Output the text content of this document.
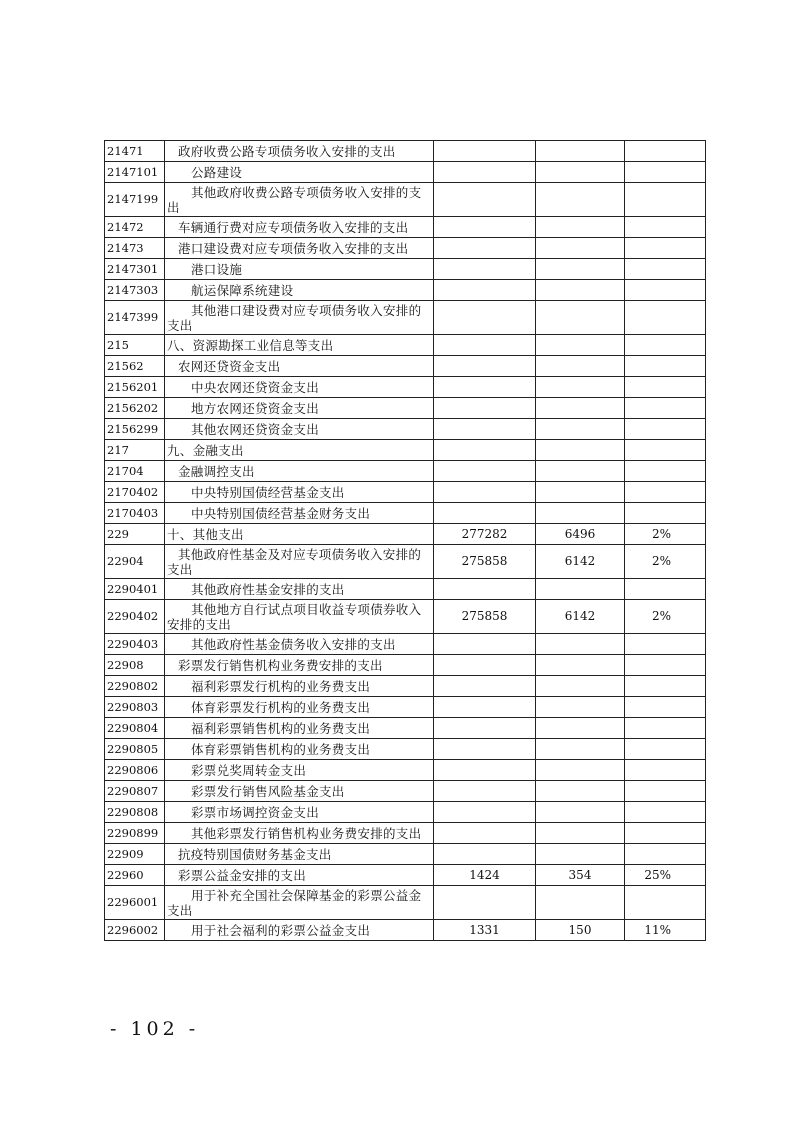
21471	政府收费公路专项债务收入安排的支出			
2147101	公路建设			
2147199	其他政府收费公路专项债务收入安排的支出			
21472	车辆通行费对应专项债务收入安排的支出			
21473	港口建设费对应专项债务收入安排的支出			
2147301	港口设施			
2147303	航运保障系统建设			
2147399	其他港口建设费对应专项债务收入安排的支出			
215	八、资源勘探工业信息等支出			
21562	农网还贷资金支出			
2156201	中央农网还贷资金支出			
2156202	地方农网还贷资金支出			
2156299	其他农网还贷资金支出			
217	九、金融支出			
21704	金融调控支出			
2170402	中央特别国债经营基金支出			
2170403	中央特别国债经营基金财务支出			
229	十、其他支出	277282	6496	2%
22904	其他政府性基金及对应专项债务收入安排的支出	275858	6142	2%
2290401	其他政府性基金安排的支出			
2290402	其他地方自行试点项目收益专项债券收入安排的支出	275858	6142	2%
2290403	其他政府性基金债务收入安排的支出			
22908	彩票发行销售机构业务费安排的支出			
2290802	福利彩票发行机构的业务费支出			
2290803	体育彩票发行机构的业务费支出			
2290804	福利彩票销售机构的业务费支出			
2290805	体育彩票销售机构的业务费支出			
2290806	彩票兑奖周转金支出			
2290807	彩票发行销售风险基金支出			
2290808	彩票市场调控资金支出			
2290899	其他彩票发行销售机构业务费安排的支出			
22909	抗疫特别国债财务基金支出			
22960	彩票公益金安排的支出	1424	354	25%
2296001	用于补充全国社会保障基金的彩票公益金支出			
2296002	用于社会福利的彩票公益金支出	1331	150	11%
- 102 -
